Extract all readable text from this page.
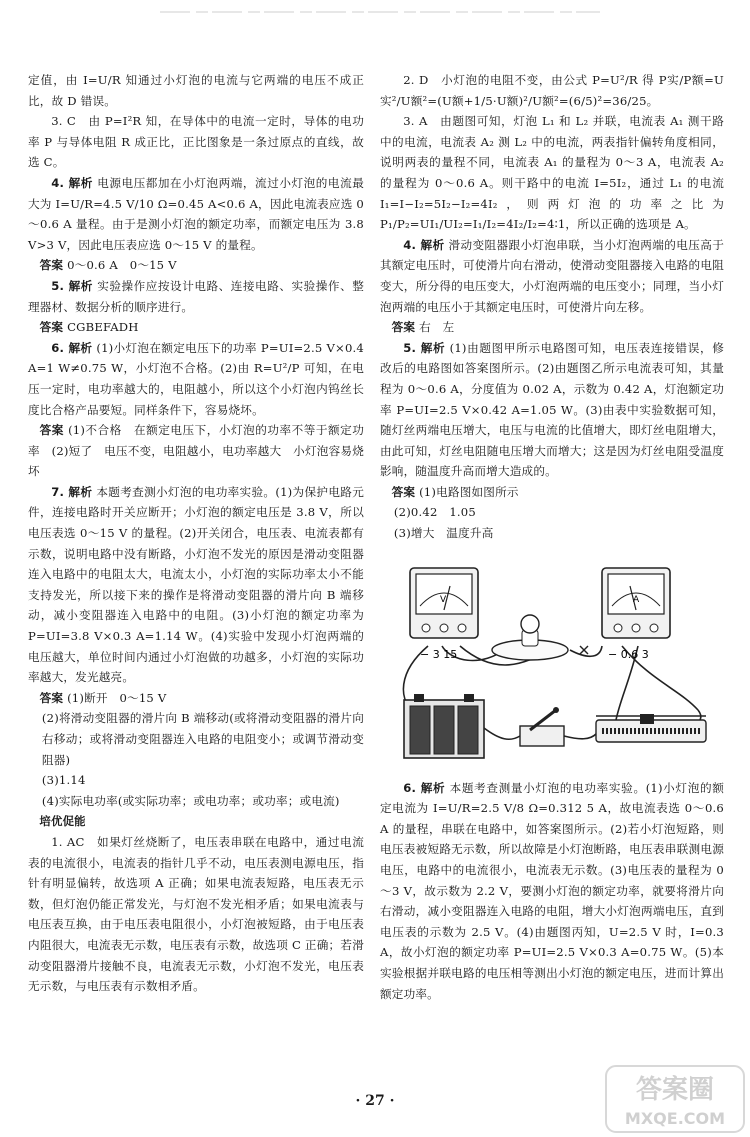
定值，由 I=U/R 知通过小灯泡的电流与它两端的电压不成正比，故 D 错误。

3. C　由 P=I²R 知，在导体中的电流一定时，导体的电功率 P 与导体电阻 R 成正比，正比图象是一条过原点的直线，故选 C。

4. 解析 电源电压都加在小灯泡两端，流过小灯泡的电流最大为 I=U/R=4.5 V/10 Ω=0.45 A<0.6 A，因此电流表应选 0～0.6 A 量程。由于是测小灯泡的额定功率，而额定电压为 3.8 V>3 V，因此电压表应选 0～15 V 的量程。

答案 0～0.6 A　0～15 V

5. 解析 实验操作应按设计电路、连接电路、实验操作、整理器材、数据分析的顺序进行。

答案 CGBEFADH

6. 解析 (1)小灯泡在额定电压下的功率 P=UI=2.5 V×0.4 A=1 W≠0.75 W，小灯泡不合格。(2)由 R=U²/P 可知，在电压一定时，电功率越大的，电阻越小，所以这个小灯泡内钨丝长度比合格产品要短。同样条件下，容易烧坏。

答案 (1)不合格　在额定电压下，小灯泡的功率不等于额定功率　(2)短了　电压不变，电阻越小，电功率越大　小灯泡容易烧坏

7. 解析 本题考查测小灯泡的电功率实验。(1)为保护电路元件，连接电路时开关应断开；小灯泡的额定电压是 3.8 V，所以电压表选 0～15 V 的量程。(2)开关闭合，电压表、电流表都有示数，说明电路中没有断路，小灯泡不发光的原因是滑动变阻器连入电路中的电阻太大，电流太小，小灯泡的实际功率太小不能支持发光，所以接下来的操作是将滑动变阻器的滑片向 B 端移动，减小变阻器连入电路中的电阻。(3)小灯泡的额定功率为 P=UI=3.8 V×0.3 A=1.14 W。(4)实验中发现小灯泡两端的电压越大，单位时间内通过小灯泡做的功越多，小灯泡的实际功率越大，发光越亮。

答案 (1)断开　0～15 V

(2)将滑动变阻器的滑片向 B 端移动(或将滑动变阻器的滑片向右移动；或将滑动变阻器连入电路的电阻变小；或调节滑动变阻器)

(3)1.14

(4)实际电功率(或实际功率；或电功率；或功率；或电流)

培优促能

1. AC　如果灯丝烧断了，电压表串联在电路中，通过电流表的电流很小，电流表的指针几乎不动，电压表测电源电压，指针有明显偏转，故选项 A 正确；如果电流表短路，电压表无示数，但灯泡仍能正常发光，与灯泡不发光相矛盾；如果电流表与电压表互换，由于电压表电阻很小，小灯泡被短路，由于电压表内阻很大，电流表无示数，电压表有示数，故选项 C 正确；若滑动变阻器滑片接触不良，电流表无示数，小灯泡不发光，电压表无示数，与电压表有示数相矛盾。

2. D　小灯泡的电阻不变，由公式 P=U²/R 得 P实/P额=U实²/U额²=(U额+1/5·U额)²/U额²=(6/5)²=36/25。

3. A　由题图可知，灯泡 L₁ 和 L₂ 并联，电流表 A₁ 测干路中的电流，电流表 A₂ 测 L₂ 中的电流，两表指针偏转角度相同，说明两表的量程不同，电流表 A₁ 的量程为 0～3 A，电流表 A₂ 的量程为 0～0.6 A。则干路中的电流 I=5I₂，通过 L₁ 的电流 I₁=I−I₂=5I₂−I₂=4I₂，则两灯泡的功率之比为 P₁/P₂=UI₁/UI₂=I₁/I₂=4I₂/I₂=4∶1，所以正确的选项是 A。

4. 解析 滑动变阻器跟小灯泡串联，当小灯泡两端的电压高于其额定电压时，可使滑片向右滑动，使滑动变阻器接入电路的电阻变大，所分得的电压变大，小灯泡两端的电压变小；同理，当小灯泡两端的电压小于其额定电压时，可使滑片向左移。

答案 右　左

5. 解析 (1)由题图甲所示电路图可知，电压表连接错误，修改后的电路图如答案图所示。(2)由题图乙所示电流表可知，其量程为 0～0.6 A，分度值为 0.02 A，示数为 0.42 A，灯泡额定功率 P=UI=2.5 V×0.42 A=1.05 W。(3)由表中实验数据可知，随灯丝两端电压增大，电压与电流的比值增大，即灯丝电阻增大，由此可知，灯丝电阻随电压增大而增大；这是因为灯丝电阻受温度影响，随温度升高而增大造成的。

答案 (1)电路图如图所示

(2)0.42　1.05

(3)增大　温度升高

V
− 3 15
A
− 0.6 3

6. 解析 本题考查测量小灯泡的电功率实验。(1)小灯泡的额定电流为 I=U/R=2.5 V/8 Ω=0.312 5 A，故电流表选 0～0.6 A 的量程，串联在电路中，如答案图所示。(2)若小灯泡短路，则电压表被短路无示数，所以故障是小灯泡断路，电压表串联测电源电压，电路中的电流很小，电流表无示数。(3)电压表的量程为 0～3 V，故示数为 2.2 V，要测小灯泡的额定功率，就要将滑片向右滑动，减小变阻器连入电路的电阻，增大小灯泡两端电压，直到电压表的示数为 2.5 V。(4)由题图丙知，U=2.5 V 时，I=0.3 A，故小灯泡的额定功率 P=UI=2.5 V×0.3 A=0.75 W。(5)本实验根据并联电路的电压相等测出小灯泡的额定电压，进而计算出额定功率。

· 27 ·	答案圈
MXQE.COM
